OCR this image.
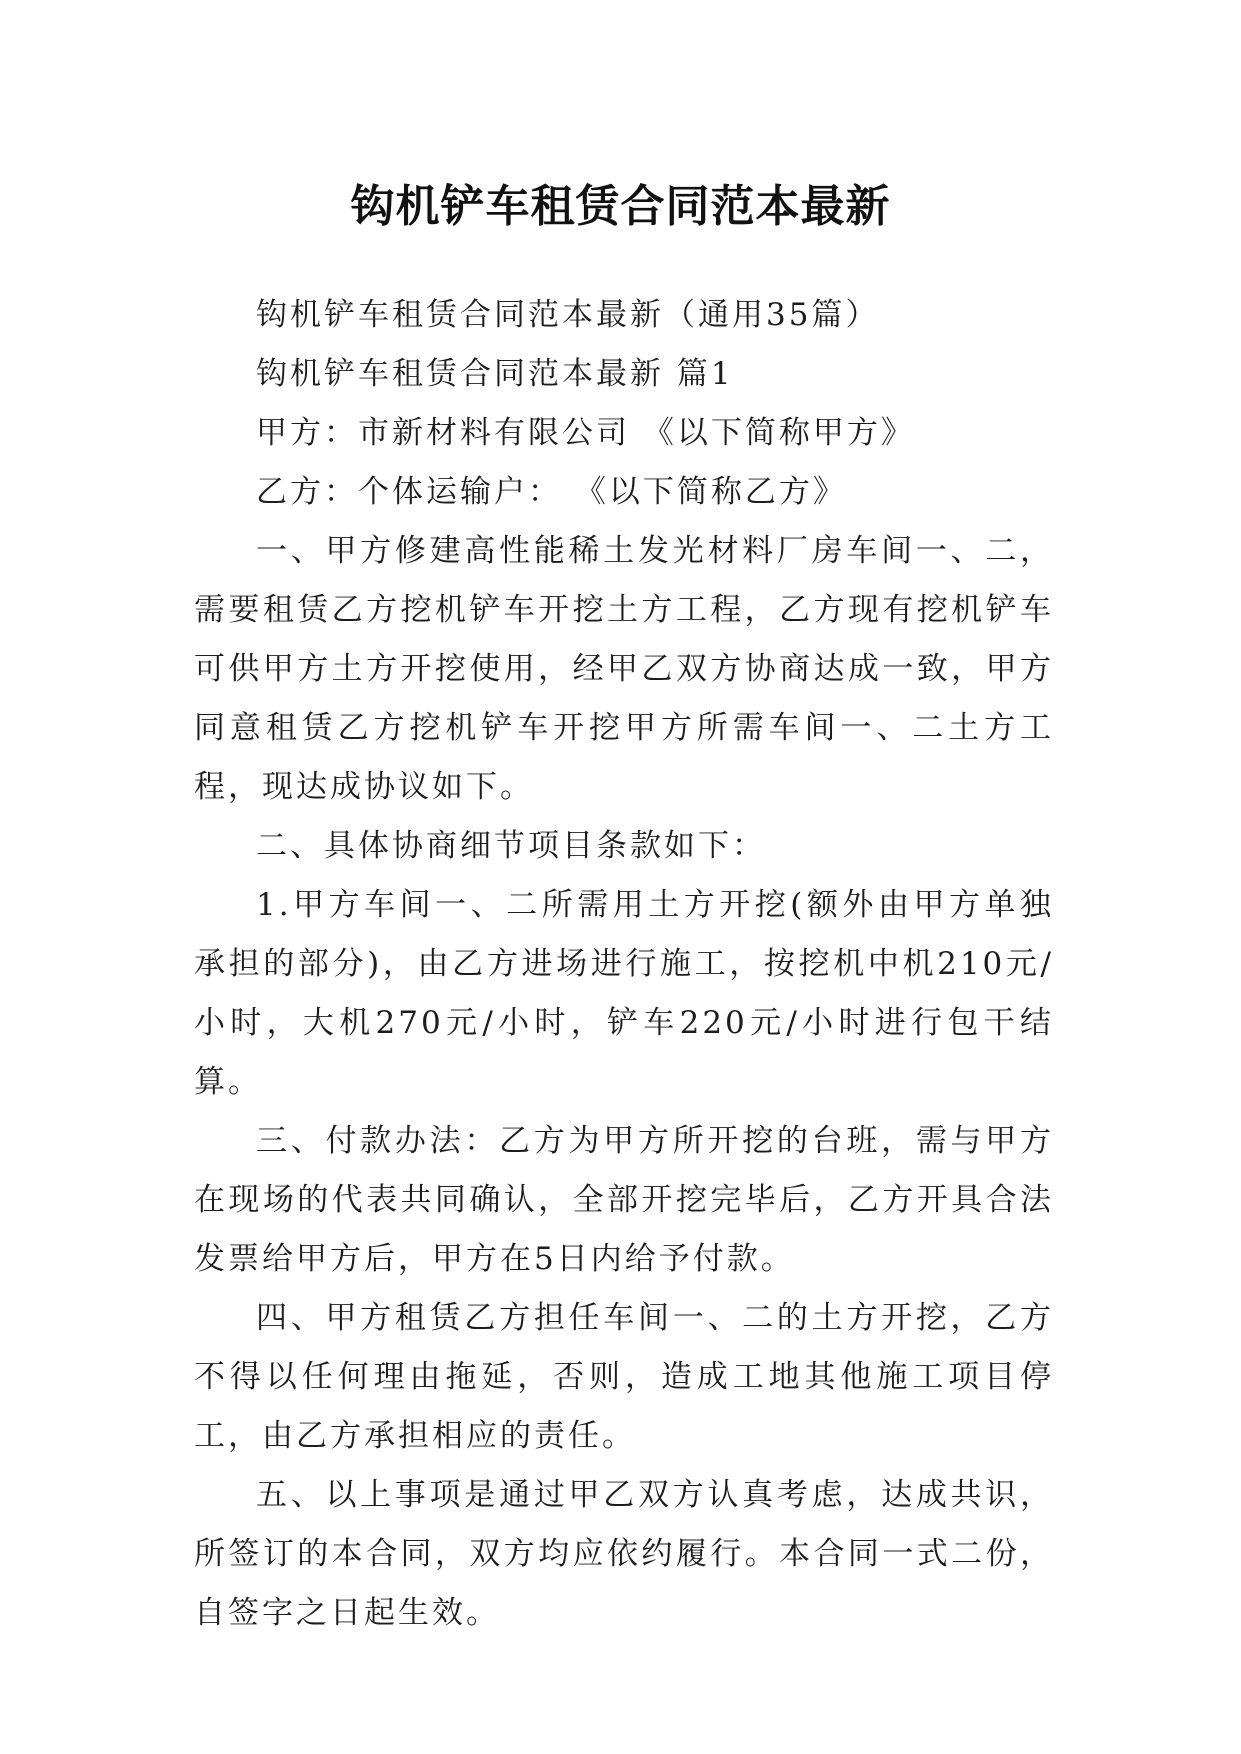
钩机铲车租赁合同范本最新

钩机铲车租赁合同范本最新（通用35篇）

钩机铲车租赁合同范本最新 篇1

甲方：市新材料有限公司 《以下简称甲方》

乙方：个体运输户： 《以下简称乙方》

一、甲方修建高性能稀土发光材料厂房车间一、二，需要租赁乙方挖机铲车开挖土方工程，乙方现有挖机铲车可供甲方土方开挖使用，经甲乙双方协商达成一致，甲方同意租赁乙方挖机铲车开挖甲方所需车间一、二土方工程，现达成协议如下。

二、具体协商细节项目条款如下：

1.甲方车间一、二所需用土方开挖(额外由甲方单独承担的部分)，由乙方进场进行施工，按挖机中机210元/小时，大机270元/小时，铲车220元/小时进行包干结算。

三、付款办法：乙方为甲方所开挖的台班，需与甲方在现场的代表共同确认，全部开挖完毕后，乙方开具合法发票给甲方后，甲方在5日内给予付款。

四、甲方租赁乙方担任车间一、二的土方开挖，乙方不得以任何理由拖延，否则，造成工地其他施工项目停工，由乙方承担相应的责任。

五、以上事项是通过甲乙双方认真考虑，达成共识，所签订的本合同，双方均应依约履行。本合同一式二份，自签字之日起生效。
